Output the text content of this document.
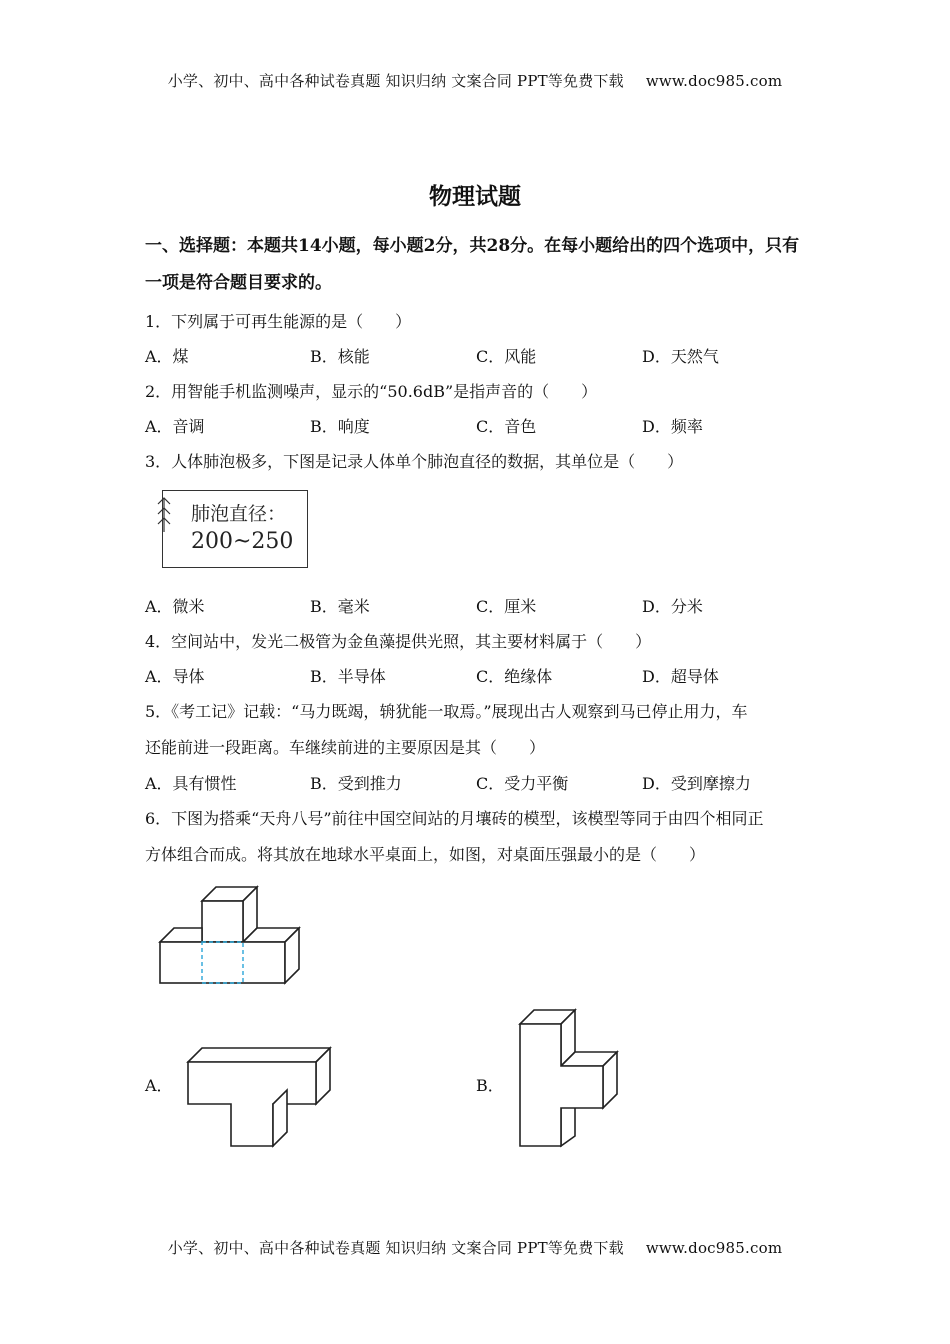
小学、初中、高中各种试卷真题 知识归纳 文案合同 PPT等免费下载 www.doc985.com
物理试题
一、选择题：本题共14小题，每小题2分，共28分。在每小题给出的四个选项中，只有一项是符合题目要求的。
1．下列属于可再生能源的是（　　）
A．煤	B．核能	C．风能	D．天然气
2．用智能手机监测噪声，显示的“50.6dB”是指声音的（　　）
A．音调	B．响度	C．音色	D．频率
3．人体肺泡极多，下图是记录人体单个肺泡直径的数据，其单位是（　　）
肺泡直径：
200~250
A．微米	B．毫米	C．厘米	D．分米
4．空间站中，发光二极管为金鱼藻提供光照，其主要材料属于（　　）
A．导体	B．半导体	C．绝缘体	D．超导体
5．《考工记》记载：“马力既竭，辀犹能一取焉。”展现出古人观察到马已停止用力，车
还能前进一段距离。车继续前进的主要原因是其（　　）
A．具有惯性	B．受到推力	C．受力平衡	D．受到摩擦力
6．下图为搭乘“天舟八号”前往中国空间站的月壤砖的模型，该模型等同于由四个相同正
方体组合而成。将其放在地球水平桌面上，如图，对桌面压强最小的是（　　）
A．	B．
小学、初中、高中各种试卷真题 知识归纳 文案合同 PPT等免费下载 www.doc985.com
